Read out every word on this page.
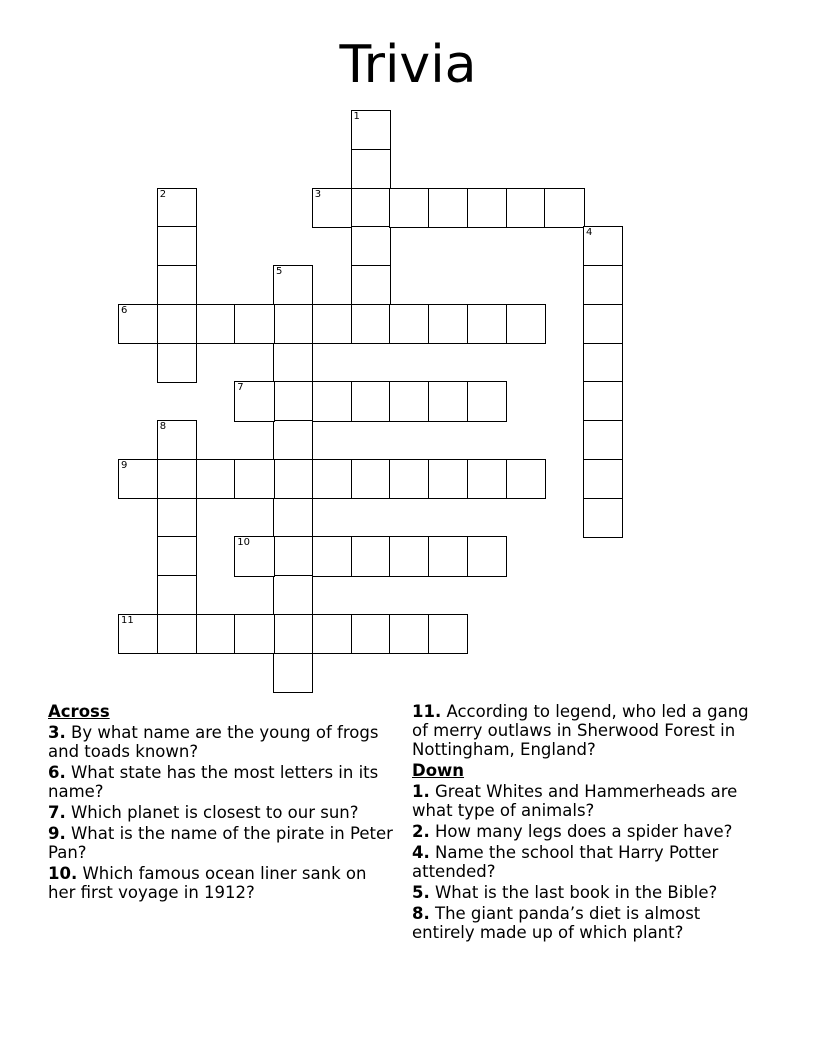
Trivia
1
2	3
4
5
6
7
8
9
10
11
Across
3. By what name are the young of frogs and toads known?
6. What state has the most letters in its name?
7. Which planet is closest to our sun?
9. What is the name of the pirate in Peter Pan?
10. Which famous ocean liner sank on her first voyage in 1912?
11. According to legend, who led a gang of merry outlaws in Sherwood Forest in Nottingham, England?
Down
1. Great Whites and Hammerheads are what type of animals?
2. How many legs does a spider have?
4. Name the school that Harry Potter attended?
5. What is the last book in the Bible?
8. The giant panda’s diet is almost entirely made up of which plant?
